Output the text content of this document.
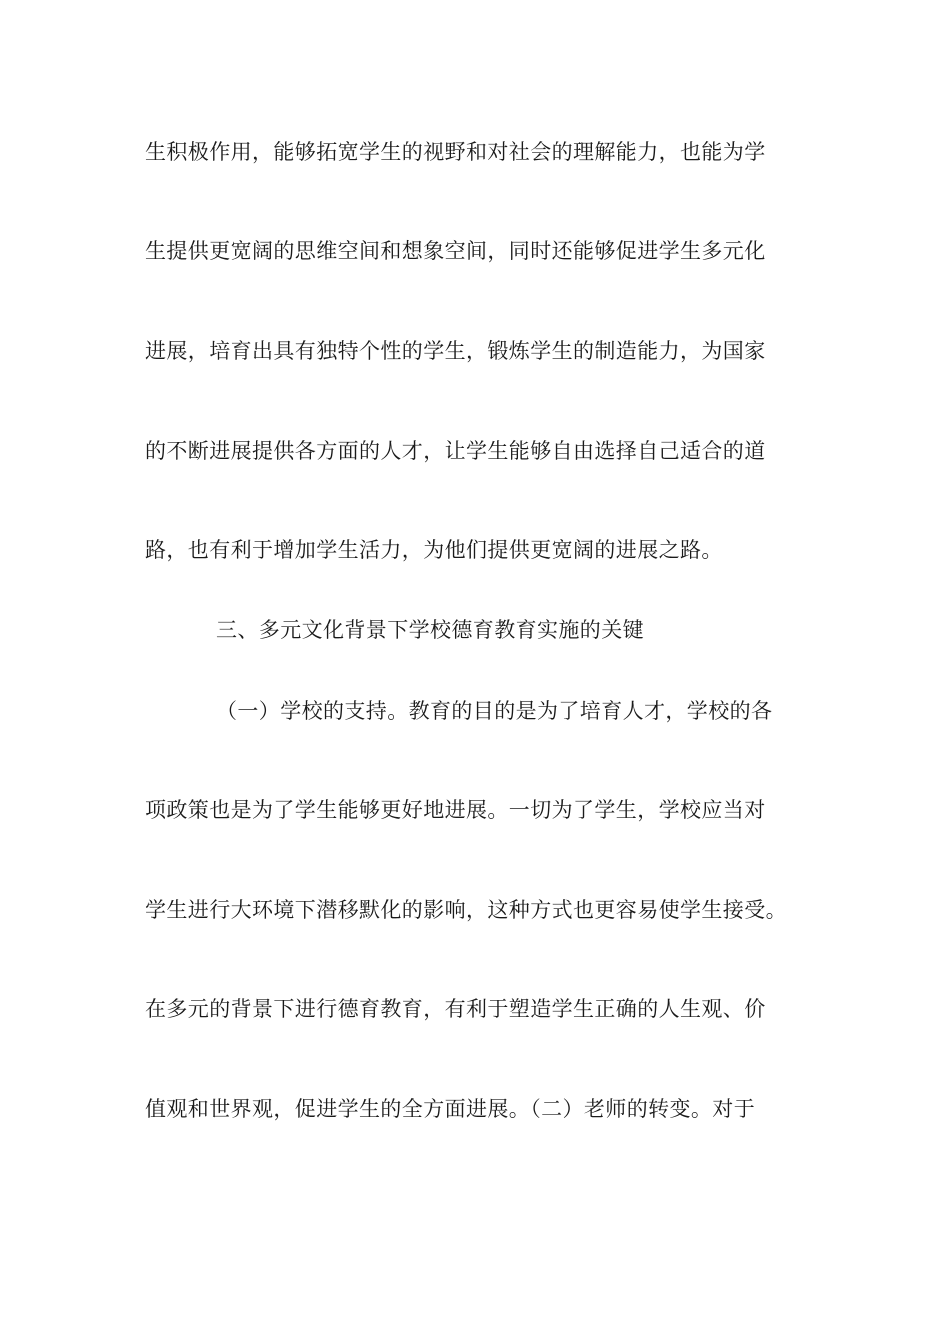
生积极作用，能够拓宽学生的视野和对社会的理解能力，也能为学
生提供更宽阔的思维空间和想象空间，同时还能够促进学生多元化
进展，培育出具有独特个性的学生，锻炼学生的制造能力，为国家
的不断进展提供各方面的人才，让学生能够自由选择自己适合的道
路，也有利于增加学生活力，为他们提供更宽阔的进展之路。
三、多元文化背景下学校德育教育实施的关键
（一）学校的支持。教育的目的是为了培育人才，学校的各
项政策也是为了学生能够更好地进展。一切为了学生，学校应当对
学生进行大环境下潜移默化的影响，这种方式也更容易使学生接受。
在多元的背景下进行德育教育，有利于塑造学生正确的人生观、价
值观和世界观，促进学生的全方面进展。（二）老师的转变。对于
